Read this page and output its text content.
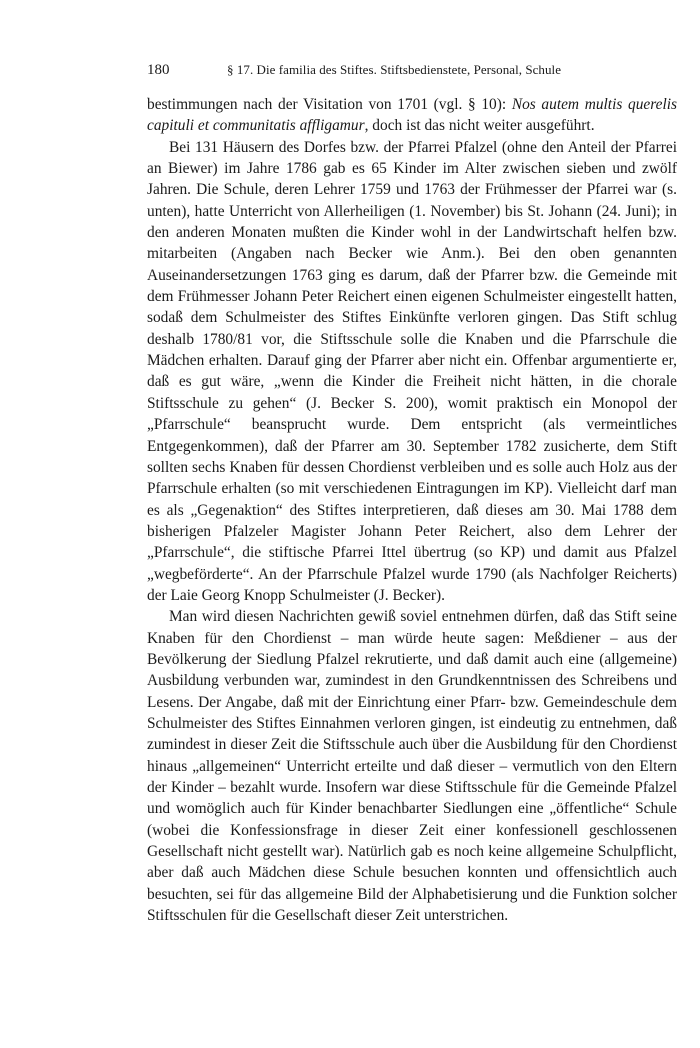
180	§ 17. Die familia des Stiftes. Stiftsbedienstete, Personal, Schule

bestimmungen nach der Visitation von 1701 (vgl. § 10): Nos autem multis querelis capituli et communitatis affligamur, doch ist das nicht weiter ausgeführt.

Bei 131 Häusern des Dorfes bzw. der Pfarrei Pfalzel (ohne den Anteil der Pfarrei an Biewer) im Jahre 1786 gab es 65 Kinder im Alter zwischen sieben und zwölf Jahren. Die Schule, deren Lehrer 1759 und 1763 der Frühmesser der Pfarrei war (s. unten), hatte Unterricht von Allerheiligen (1. November) bis St. Johann (24. Juni); in den anderen Monaten mußten die Kinder wohl in der Landwirtschaft helfen bzw. mitarbeiten (Angaben nach Becker wie Anm.). Bei den oben genannten Auseinandersetzungen 1763 ging es darum, daß der Pfarrer bzw. die Gemeinde mit dem Frühmesser Johann Peter Reichert einen eigenen Schulmeister eingestellt hatten, sodaß dem Schulmeister des Stiftes Einkünfte verloren gingen. Das Stift schlug deshalb 1780/81 vor, die Stiftsschule solle die Knaben und die Pfarrschule die Mädchen erhalten. Darauf ging der Pfarrer aber nicht ein. Offenbar argumentierte er, daß es gut wäre, „wenn die Kinder die Freiheit nicht hätten, in die chorale Stiftsschule zu gehen“ (J. Becker S. 200), womit praktisch ein Monopol der „Pfarrschule“ beansprucht wurde. Dem entspricht (als vermeintliches Entgegenkommen), daß der Pfarrer am 30. September 1782 zusicherte, dem Stift sollten sechs Knaben für dessen Chordienst verbleiben und es solle auch Holz aus der Pfarrschule erhalten (so mit verschiedenen Eintragungen im KP). Vielleicht darf man es als „Gegenaktion“ des Stiftes interpretieren, daß dieses am 30. Mai 1788 dem bisherigen Pfalzeler Magister Johann Peter Reichert, also dem Lehrer der „Pfarrschule“, die stiftische Pfarrei Ittel übertrug (so KP) und damit aus Pfalzel „wegbeförderte“. An der Pfarrschule Pfalzel wurde 1790 (als Nachfolger Reicherts) der Laie Georg Knopp Schulmeister (J. Becker).

Man wird diesen Nachrichten gewiß soviel entnehmen dürfen, daß das Stift seine Knaben für den Chordienst – man würde heute sagen: Meßdiener – aus der Bevölkerung der Siedlung Pfalzel rekrutierte, und daß damit auch eine (allgemeine) Ausbildung verbunden war, zumindest in den Grundkenntnissen des Schreibens und Lesens. Der Angabe, daß mit der Einrichtung einer Pfarr- bzw. Gemeindeschule dem Schulmeister des Stiftes Einnahmen verloren gingen, ist eindeutig zu entnehmen, daß zumindest in dieser Zeit die Stiftsschule auch über die Ausbildung für den Chordienst hinaus „allgemeinen“ Unterricht erteilte und daß dieser – vermutlich von den Eltern der Kinder – bezahlt wurde. Insofern war diese Stiftsschule für die Gemeinde Pfalzel und womöglich auch für Kinder benachbarter Siedlungen eine „öffentliche“ Schule (wobei die Konfessionsfrage in dieser Zeit einer konfessionell geschlossenen Gesellschaft nicht gestellt war). Natürlich gab es noch keine allgemeine Schulpflicht, aber daß auch Mädchen diese Schule besuchen konnten und offensichtlich auch besuchten, sei für das allgemeine Bild der Alphabetisierung und die Funktion solcher Stiftsschulen für die Gesellschaft dieser Zeit unterstrichen.
